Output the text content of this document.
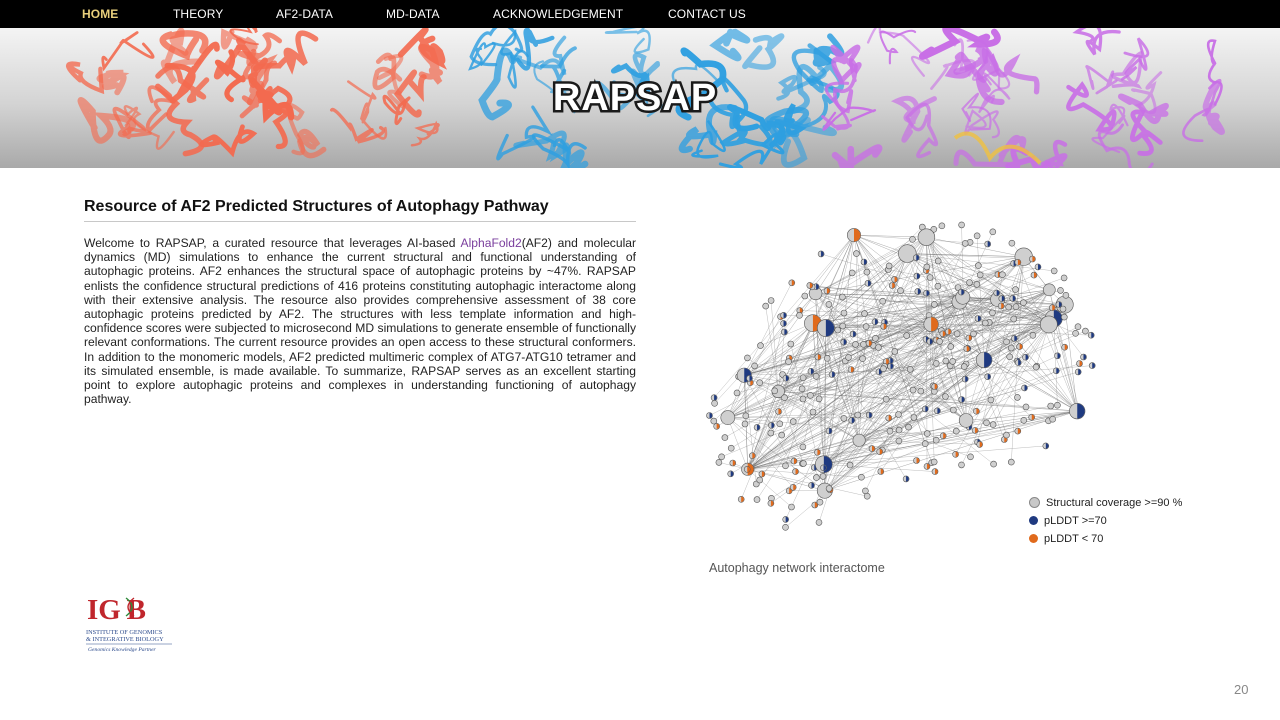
HOME	THEORY	AF2-DATA	MD-DATA	ACKNOWLEDGEMENT	CONTACT US
RAPSAP
Resource of AF2 Predicted Structures of Autophagy Pathway

Welcome to RAPSAP, a curated resource that leverages AI-based AlphaFold2(AF2) and molecular dynamics (MD) simulations to enhance the current structural and functional understanding of autophagic proteins. AF2 enhances the structural space of autophagic proteins by ~47%. RAPSAP enlists the confidence structural predictions of 416 proteins constituting autophagic interactome along with their extensive analysis. The resource also provides comprehensive assessment of 38 core autophagic proteins predicted by AF2. The structures with less template information and high-confidence scores were subjected to microsecond MD simulations to generate ensemble of functionally relevant conformations. The current resource provides an open access to these structural conformers. In addition to the monomeric models, AF2 predicted multimeric complex of ATG7-ATG10 tetramer and its simulated ensemble, is made available. To summarize, RAPSAP serves as an excellent starting point to explore autophagic proteins and complexes in understanding functioning of autophagy pathway.

Structural coverage >=90 %
pLDDT >=70
pLDDT < 70
Autophagy network interactome
IG B
INSTITUTE OF GENOMICS
& INTEGRATIVE BIOLOGY
Genomics Knowledge Partner
20
